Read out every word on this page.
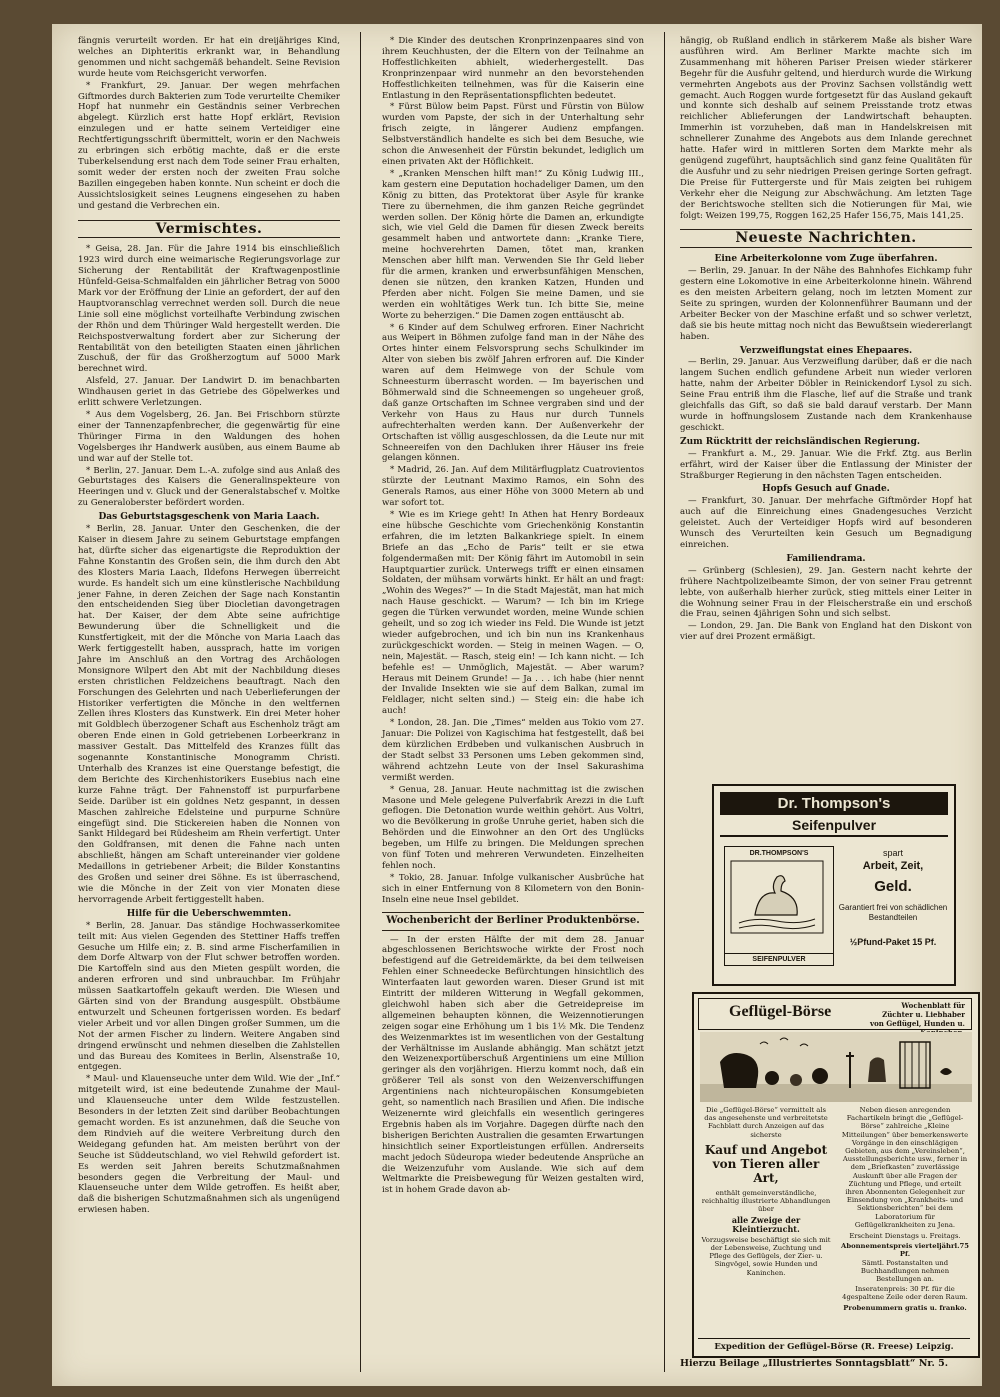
fängnis verurteilt worden. Er hat ein dreijähriges Kind, welches an Diphteritis erkrankt war, in Behandlung genommen und nicht sachgemäß behandelt. Seine Revision wurde heute vom Reichsgericht verworfen.

* Frankfurt, 29. Januar. Der wegen mehrfachen Giftmordes durch Bakterien zum Tode verurteilte Chemiker Hopf hat nunmehr ein Geständnis seiner Verbrechen abgelegt. Kürzlich erst hatte Hopf erklärt, Revision einzulegen und er hatte seinem Verteidiger eine Rechtfertigungsschrift übermittelt, worin er den Nachweis zu erbringen sich erbötig machte, daß er die erste Tuberkelsendung erst nach dem Tode seiner Frau erhalten, somit weder der ersten noch der zweiten Frau solche Bazillen eingegeben haben konnte. Nun scheint er doch die Aussichtslosigkeit seines Leugnens eingesehen zu haben und gestand die Verbrechen ein.

Vermischtes.

* Geisa, 28. Jan. Für die Jahre 1914 bis einschließlich 1923 wird durch eine weimarische Regierungsvorlage zur Sicherung der Rentabilität der Kraftwagenpostlinie Hünfeld-Geisa-Schmalfalden ein jährlicher Betrag von 5000 Mark vor der Eröffnung der Linie an gefordert, der auf den Hauptvoranschlag verrechnet werden soll. Durch die neue Linie soll eine möglichst vorteilhafte Verbindung zwischen der Rhön und dem Thüringer Wald hergestellt werden. Die Reichspostverwaltung fordert aber zur Sicherung der Rentabilität von den beteiligten Staaten einen jährlichen Zuschuß, der für das Großherzogtum auf 5000 Mark berechnet wird.

Alsfeld, 27. Januar. Der Landwirt D. im benachbarten Windhausen geriet in das Getriebe des Göpelwerkes und erlitt schwere Verletzungen.

* Aus dem Vogelsberg, 26. Jan. Bei Frischborn stürzte einer der Tannenzapfenbrecher, die gegenwärtig für eine Thüringer Firma in den Waldungen des hohen Vogelsberges ihr Handwerk ausüben, aus einem Baume ab und war auf der Stelle tot.

* Berlin, 27. Januar. Dem L.-A. zufolge sind aus Anlaß des Geburtstages des Kaisers die Generalinspekteure von Heeringen und v. Gluck und der Generalstabschef v. Moltke zu Generaloberster befördert worden.

Das Geburtstagsgeschenk von Maria Laach.

* Berlin, 28. Januar. Unter den Geschenken, die der Kaiser in diesem Jahre zu seinem Geburtstage empfangen hat, dürfte sicher das eigenartigste die Reproduktion der Fahne Konstantin des Großen sein, die ihm durch den Abt des Klosters Maria Laach, Ildefons Herwegen überreicht wurde. Es handelt sich um eine künstlerische Nachbildung jener Fahne, in deren Zeichen der Sage nach Konstantin den entscheidenden Sieg über Diocletian davongetragen hat. Der Kaiser, der dem Abte seine aufrichtige Bewunderung über die Schnelligkeit und die Kunstfertigkeit, mit der die Mönche von Maria Laach das Werk fertiggestellt haben, aussprach, hatte im vorigen Jahre im Anschluß an den Vortrag des Archäologen Monsignore Wilpert den Abt mit der Nachbildung dieses ersten christlichen Feldzeichens beauftragt. Nach den Forschungen des Gelehrten und nach Ueberlieferungen der Historiker verfertigten die Mönche in den weltfernen Zellen ihres Klosters das Kunstwerk. Ein drei Meter hoher mit Goldblech überzogener Schaft aus Eschenholz trägt am oberen Ende einen in Gold getriebenen Lorbeerkranz in massiver Gestalt. Das Mittelfeld des Kranzes füllt das sogenannte Konstantinische Monogramm Christi. Unterhalb des Kranzes ist eine Querstange befestigt, die dem Berichte des Kirchenhistorikers Eusebius nach eine kurze Fahne trägt. Der Fahnenstoff ist purpurfarbene Seide. Darüber ist ein goldnes Netz gespannt, in dessen Maschen zahlreiche Edelsteine und purpurne Schnüre eingefügt sind. Die Stickereien haben die Nonnen von Sankt Hildegard bei Rüdesheim am Rhein verfertigt. Unter den Goldfransen, mit denen die Fahne nach unten abschließt, hängen am Schaft untereinander vier goldene Medaillons in getriebener Arbeit; die Bilder Konstantins des Großen und seiner drei Söhne. Es ist überraschend, wie die Mönche in der Zeit von vier Monaten diese hervorragende Arbeit fertiggestellt haben.

Hilfe für die Ueberschwemmten.

* Berlin, 28. Januar. Das ständige Hochwasserkomitee teilt mit: Aus vielen Gegenden des Stettiner Haffs treffen Gesuche um Hilfe ein; z. B. sind arme Fischerfamilien in dem Dorfe Altwarp von der Flut schwer betroffen worden. Die Kartoffeln sind aus den Mieten gespült worden, die anderen erfroren und sind unbrauchbar. Im Frühjahr müssen Saatkartoffeln gekauft werden. Die Wiesen und Gärten sind von der Brandung ausgespült. Obstbäume entwurzelt und Scheunen fortgerissen worden. Es bedarf vieler Arbeit und vor allen Dingen großer Summen, um die Not der armen Fischer zu lindern. Weitere Angaben sind dringend erwünscht und nehmen dieselben die Zahlstellen und das Bureau des Komitees in Berlin, Alsenstraße 10, entgegen.

* Maul- und Klauenseuche unter dem Wild. Wie der „Inf.“ mitgeteilt wird, ist eine bedeutende Zunahme der Maul- und Klauenseuche unter dem Wilde festzustellen. Besonders in der letzten Zeit sind darüber Beobachtungen gemacht worden. Es ist anzunehmen, daß die Seuche von dem Rindvieh auf die weitere Verbreitung durch den Weidegang gefunden hat. Am meisten berührt von der Seuche ist Süddeutschland, wo viel Rehwild gefordert ist. Es werden seit Jahren bereits Schutzmaßnahmen besonders gegen die Verbreitung der Maul- und Klauenseuche unter dem Wilde getroffen. Es heißt aber, daß die bisherigen Schutzmaßnahmen sich als ungenügend erwiesen haben.

* Die Kinder des deutschen Kronprinzenpaares sind von ihrem Keuchhusten, der die Eltern von der Teilnahme an Hoffestlichkeiten abhielt, wiederhergestellt. Das Kronprinzenpaar wird nunmehr an den bevorstehenden Hoffestlichkeiten teilnehmen, was für die Kaiserin eine Entlastung in den Repräsentationspflichten bedeutet.

* Fürst Bülow beim Papst. Fürst und Fürstin von Bülow wurden vom Papste, der sich in der Unterhaltung sehr frisch zeigte, in längerer Audienz empfangen. Selbstverständlich handelte es sich bei dem Besuche, wie schon die Anwesenheit der Fürstin bekundet, lediglich um einen privaten Akt der Höflichkeit.

* „Kranken Menschen hilft man!“ Zu König Ludwig III., kam gestern eine Deputation hochadeliger Damen, um den König zu bitten, das Protektorat über Asyle für kranke Tiere zu übernehmen, die ihm ganzen Reiche gegründet werden sollen. Der König hörte die Damen an, erkundigte sich, wie viel Geld die Damen für diesen Zweck bereits gesammelt haben und antwortete dann: „Kranke Tiere, meine hochverehrten Damen, tötet man, kranken Menschen aber hilft man. Verwenden Sie Ihr Geld lieber für die armen, kranken und erwerbsunfähigen Menschen, denen sie nützen, den kranken Katzen, Hunden und Pferden aber nicht. Folgen Sie meine Damen, und sie werden ein wohltätiges Werk tun. Ich bitte Sie, meine Worte zu beherzigen.“ Die Damen zogen enttäuscht ab.

* 6 Kinder auf dem Schulweg erfroren. Einer Nachricht aus Weipert in Böhmen zufolge fand man in der Nähe des Ortes hinter einem Felsvorsprung sechs Schulkinder im Alter von sieben bis zwölf Jahren erfroren auf. Die Kinder waren auf dem Heimwege von der Schule vom Schneesturm überrascht worden. — Im bayerischen und Böhmerwald sind die Schneemengen so ungeheuer groß, daß ganze Ortschaften im Schnee vergraben sind und der Verkehr von Haus zu Haus nur durch Tunnels aufrechterhalten werden kann. Der Außenverkehr der Ortschaften ist völlig ausgeschlossen, da die Leute nur mit Schneereifen von den Dachluken ihrer Häuser ins freie gelangen können.

* Madrid, 26. Jan. Auf dem Militärflugplatz Cuatrovientos stürzte der Leutnant Maximo Ramos, ein Sohn des Generals Ramos, aus einer Höhe von 3000 Metern ab und war sofort tot.

* Wie es im Kriege geht! In Athen hat Henry Bordeaux eine hübsche Geschichte vom Griechenkönig Konstantin erfahren, die im letzten Balkankriege spielt. In einem Briefe an das „Echo de Paris“ teilt er sie etwa folgendermaßen mit: Der König fährt im Automobil in sein Hauptquartier zurück. Unterwegs trifft er einen einsamen Soldaten, der mühsam vorwärts hinkt. Er hält an und fragt: „Wohin des Weges?“ — In die Stadt Majestät, man hat mich nach Hause geschickt. — Warum? — Ich bin im Kriege gegen die Türken verwundet worden, meine Wunde schien geheilt, und so zog ich wieder ins Feld. Die Wunde ist jetzt wieder aufgebrochen, und ich bin nun ins Krankenhaus zurückgeschickt worden. — Steig in meinen Wagen. — O, nein, Majestät. — Rasch, steig ein! — Ich kann nicht. — Ich befehle es! — Unmöglich, Majestät. — Aber warum? Heraus mit Deinem Grunde! — Ja . . . ich habe (hier nennt der Invalide Insekten wie sie auf dem Balkan, zumal im Feldlager, nicht selten sind.) — Steig ein: die habe ich auch!

* London, 28. Jan. Die „Times“ melden aus Tokio vom 27. Januar: Die Polizei von Kagischima hat festgestellt, daß bei dem kürzlichen Erdbeben und vulkanischen Ausbruch in der Stadt selbst 33 Personen ums Leben gekommen sind, während achtzehn Leute von der Insel Sakurashima vermißt werden.

* Genua, 28. Januar. Heute nachmittag ist die zwischen Masone und Mele gelegene Pulverfabrik Arezzi in die Luft geflogen. Die Detonation wurde weithin gehört. Aus Voltri, wo die Bevölkerung in große Unruhe geriet, haben sich die Behörden und die Einwohner an den Ort des Unglücks begeben, um Hilfe zu bringen. Die Meldungen sprechen von fünf Toten und mehreren Verwundeten. Einzelheiten fehlen noch.

* Tokio, 28. Januar. Infolge vulkanischer Ausbrüche hat sich in einer Entfernung von 8 Kilometern von den Bonin-Inseln eine neue Insel gebildet.

Wochenbericht der Berliner Produktenbörse.

— In der ersten Hälfte der mit dem 28. Januar abgeschlossenen Berichtswoche wirkte der Frost noch befestigend auf die Getreidemärkte, da bei dem teilweisen Fehlen einer Schneedecke Befürchtungen hinsichtlich des Winterfaaten laut geworden waren. Dieser Grund ist mit Eintritt der milderen Witterung in Wegfall gekommen, gleichwohl haben sich aber die Getreidepreise im allgemeinen behaupten können, die Weizennotierungen zeigen sogar eine Erhöhung um 1 bis 1½ Mk. Die Tendenz des Weizenmarktes ist im wesentlichen von der Gestaltung der Verhältnisse im Auslande abhängig. Man schätzt jetzt den Weizenexportüberschuß Argentiniens um eine Million geringer als den vorjährigen. Hierzu kommt noch, daß ein größerer Teil als sonst von den Weizenverschiffungen Argentiniens nach nichteuropäischen Konsumgebieten geht, so namentlich nach Brasilien und Afien. Die indische Weizenernte wird gleichfalls ein wesentlich geringeres Ergebnis haben als im Vorjahre. Dagegen dürfte nach den bisherigen Berichten Australien die gesamten Erwartungen hinsichtlich seiner Exportleistungen erfüllen. Andrerseits macht jedoch Südeuropa wieder bedeutende Ansprüche an die Weizenzufuhr vom Auslande. Wie sich auf dem Weltmarkte die Preisbewegung für Weizen gestalten wird, ist in hohem Grade davon ab-

hängig, ob Rußland endlich in stärkerem Maße als bisher Ware ausführen wird. Am Berliner Markte machte sich im Zusammenhang mit höheren Pariser Preisen wieder stärkerer Begehr für die Ausfuhr geltend, und hierdurch wurde die Wirkung vermehrten Angebots aus der Provinz Sachsen vollständig wett gemacht. Auch Roggen wurde fortgesetzt für das Ausland gekauft und konnte sich deshalb auf seinem Preisstande trotz etwas reichlicher Ablieferungen der Landwirtschaft behaupten. Immerhin ist vorzuheben, daß man in Handelskreisen mit schnellerer Zunahme des Angebots aus dem Inlande gerechnet hatte. Hafer wird in mittleren Sorten dem Markte mehr als genügend zugeführt, hauptsächlich sind ganz feine Qualitäten für die Ausfuhr und zu sehr niedrigen Preisen geringe Sorten gefragt. Die Preise für Futtergerste und für Mais zeigten bei ruhigem Verkehr eher die Neigung zur Abschwächung. Am letzten Tage der Berichtswoche stellten sich die Notierungen für Mai, wie folgt: Weizen 199,75, Roggen 162,25 Hafer 156,75, Mais 141,25.

Neueste Nachrichten.
Eine Arbeiterkolonne vom Zuge überfahren.

— Berlin, 29. Januar. In der Nähe des Bahnhofes Eichkamp fuhr gestern eine Lokomotive in eine Arbeiterkolonne hinein. Während es den meisten Arbeitern gelang, noch im letzten Moment zur Seite zu springen, wurden der Kolonnenführer Baumann und der Arbeiter Becker von der Maschine erfaßt und so schwer verletzt, daß sie bis heute mittag noch nicht das Bewußtsein wiedererlangt haben.

Verzweiflungstat eines Ehepaares.

— Berlin, 29. Januar. Aus Verzweiflung darüber, daß er die nach langem Suchen endlich gefundene Arbeit nun wieder verloren hatte, nahm der Arbeiter Döbler in Reinickendorf Lysol zu sich. Seine Frau entriß ihm die Flasche, lief auf die Straße und trank gleichfalls das Gift, so daß sie bald darauf verstarb. Der Mann wurde in hoffnungslosem Zustande nach dem Krankenhause geschickt.

Zum Rücktritt der reichsländischen Regierung.

— Frankfurt a. M., 29. Januar. Wie die Frkf. Ztg. aus Berlin erfährt, wird der Kaiser über die Entlassung der Minister der Straßburger Regierung in den nächsten Tagen entscheiden.

Hopfs Gesuch auf Gnade.

— Frankfurt, 30. Januar. Der mehrfache Giftmörder Hopf hat auch auf die Einreichung eines Gnadengesuches Verzicht geleistet. Auch der Verteidiger Hopfs wird auf besonderen Wunsch des Verurteilten kein Gesuch um Begnadigung einreichen.

Familiendrama.

— Grünberg (Schlesien), 29. Jan. Gestern nacht kehrte der frühere Nachtpolizeibeamte Simon, der von seiner Frau getrennt lebte, von außerhalb hierher zurück, stieg mittels einer Leiter in die Wohnung seiner Frau in der Fleischerstraße ein und erschoß die Frau, seinen 4jährigen Sohn und sich selbst.

— London, 29. Jan. Die Bank von England hat den Diskont von vier auf drei Prozent ermäßigt.

Dr. Thompson's
Seifenpulver
DR.THOMPSON'S
SEIFENPULVER
spart
Arbeit, Zeit,
Geld.
Garantiert frei von schädlichen Bestandteilen
½Pfund-Paket 15 Pf.
Geflügel-Börse	Wochenblatt für Züchter u. Liebhaber von Geflügel, Hunden u.
Die „Geflügel-Börse“ vermittelt als das angesehenste und verbreitetste Fachblatt durch Anzeigen auf das sicherste
Kauf und Angebot von Tieren aller Art,
enthält gemeinverständliche, reichhaltig illustrierte Abhandlungen über
alle Zweige der Kleintierzucht.
Vorzugsweise beschäftigt sie sich mit der Lebensweise, Zuchtung und Pflege des Geflügels, der Zier- u. Singvögel, sowie Hunden und Kaninchen.
Neben diesen anregenden Fachartikeln bringt die „Geflügel-Börse“ zahlreiche „Kleine Mitteilungen“ über bemerkenswerte Vorgänge in den einschlägigen Gebieten, aus dem „Vereinsleben“, Ausstellungsberichte usw., ferner in dem „Briefkasten“ zuverlässige Auskunft über alle Fragen der Züchtung und Pflege, und erteilt ihren Abonnenten Gelegenheit zur Einsendung von „Krankheits- und Sektionsberichten“ bei dem Laboratorium für Geflügelkrankheiten zu Jena.
Erscheint Dienstags u. Freitags.
Abonnementspreis vierteljährl.75 Pf.
Sämtl. Postanstalten und Buchhandlungen nehmen Bestellungen an.
Inseratenpreis: 30 Pf. für die 4gespaltene Zeile oder deren Raum.
Probenummern gratis u. franko.
Expedition der Geflügel-Börse (R. Freese) Leipzig.
Hierzu Beilage „Illustriertes Sonntagsblatt“ Nr. 5.
